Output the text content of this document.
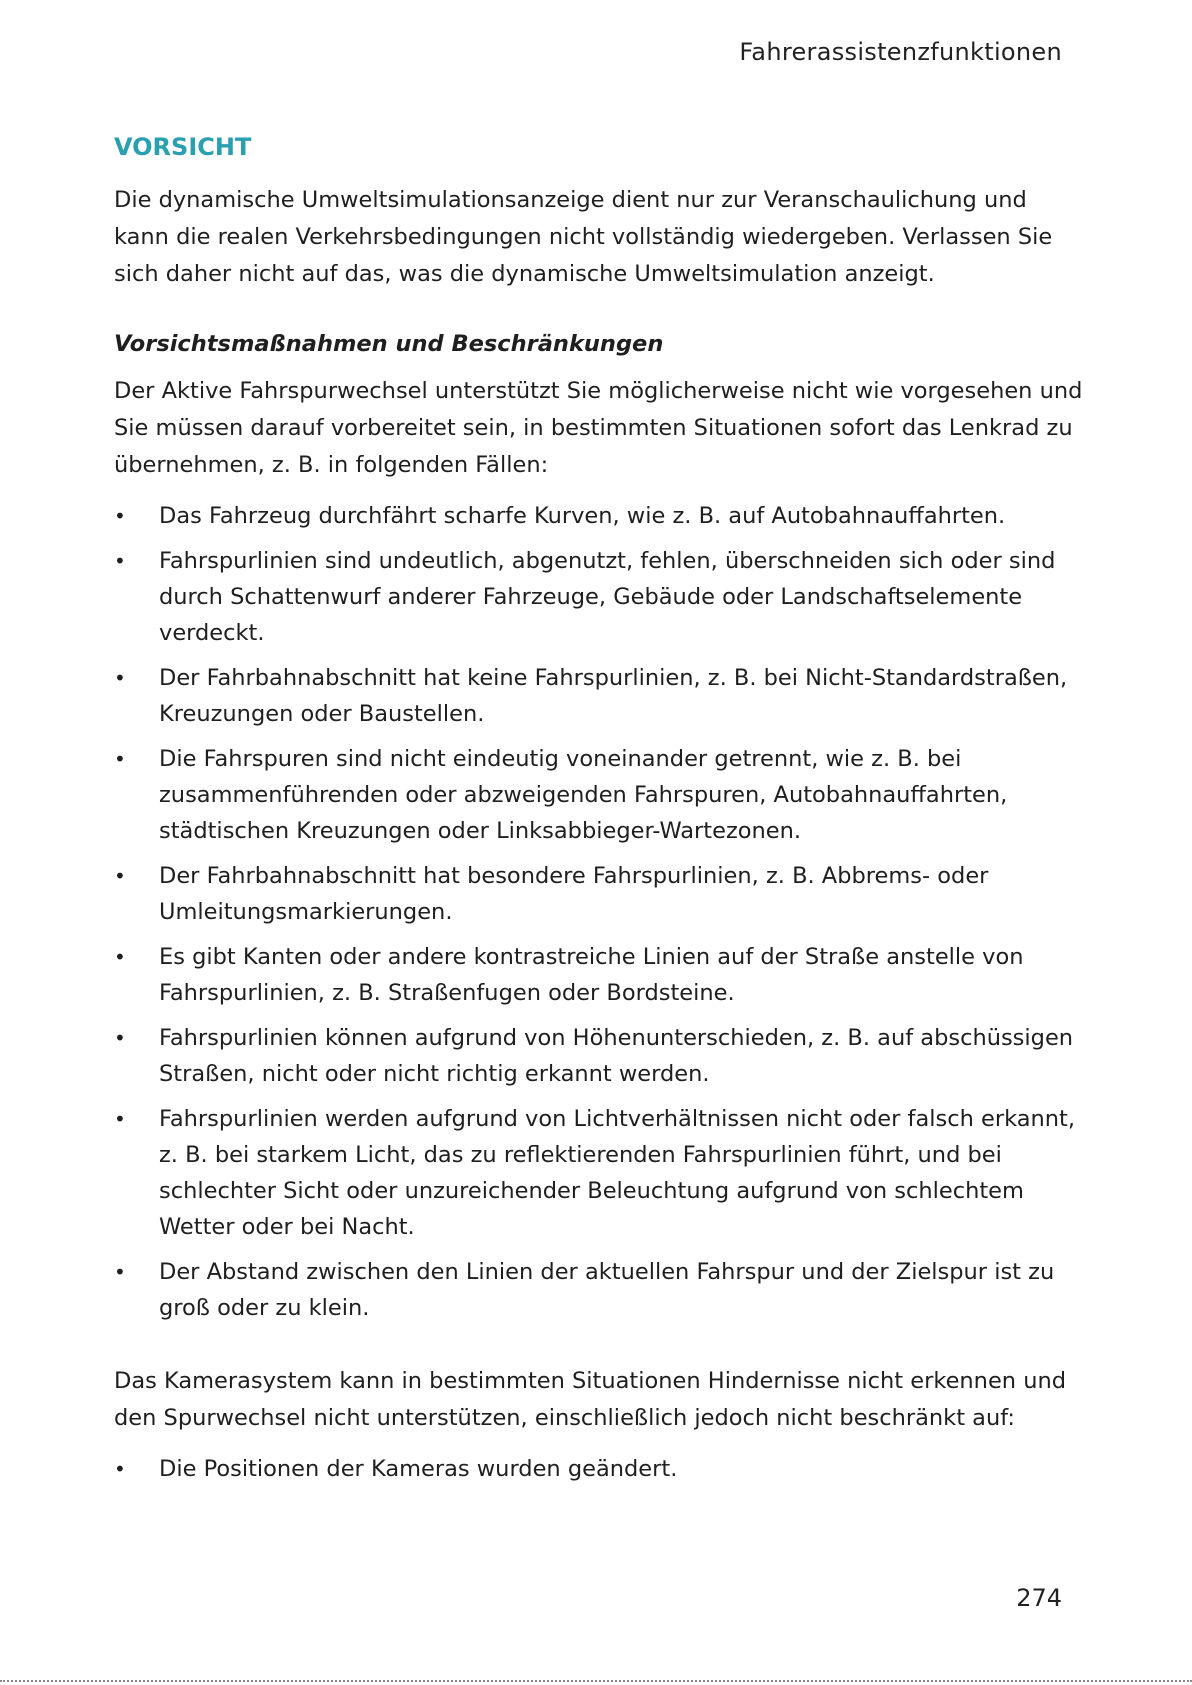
Fahrerassistenzfunktionen
VORSICHT

Die dynamische Umweltsimulationsanzeige dient nur zur Veranschaulichung und kann die realen Verkehrsbedingungen nicht vollständig wiedergeben. Verlassen Sie sich daher nicht auf das, was die dynamische Umweltsimulation anzeigt.

Vorsichtsmaßnahmen und Beschränkungen

Der Aktive Fahrspurwechsel unterstützt Sie möglicherweise nicht wie vorgesehen und Sie müssen darauf vorbereitet sein, in bestimmten Situationen sofort das Lenkrad zu übernehmen, z. B. in folgenden Fällen:

• Das Fahrzeug durchfährt scharfe Kurven, wie z. B. auf Autobahnauffahrten.
• Fahrspurlinien sind undeutlich, abgenutzt, fehlen, überschneiden sich oder sind durch Schattenwurf anderer Fahrzeuge, Gebäude oder Landschaftselemente verdeckt.
• Der Fahrbahnabschnitt hat keine Fahrspurlinien, z. B. bei Nicht-Standardstraßen, Kreuzungen oder Baustellen.
• Die Fahrspuren sind nicht eindeutig voneinander getrennt, wie z. B. bei zusammenführenden oder abzweigenden Fahrspuren, Autobahnauffahrten, städtischen Kreuzungen oder Linksabbieger-Wartezonen.
• Der Fahrbahnabschnitt hat besondere Fahrspurlinien, z. B. Abbrems- oder Umleitungsmarkierungen.
• Es gibt Kanten oder andere kontrastreiche Linien auf der Straße anstelle von Fahrspurlinien, z. B. Straßenfugen oder Bordsteine.
• Fahrspurlinien können aufgrund von Höhenunterschieden, z. B. auf abschüssigen Straßen, nicht oder nicht richtig erkannt werden.
• Fahrspurlinien werden aufgrund von Lichtverhältnissen nicht oder falsch erkannt, z. B. bei starkem Licht, das zu reflektierenden Fahrspurlinien führt, und bei schlechter Sicht oder unzureichender Beleuchtung aufgrund von schlechtem Wetter oder bei Nacht.
• Der Abstand zwischen den Linien der aktuellen Fahrspur und der Zielspur ist zu groß oder zu klein.

Das Kamerasystem kann in bestimmten Situationen Hindernisse nicht erkennen und den Spurwechsel nicht unterstützen, einschließlich jedoch nicht beschränkt auf:

• Die Positionen der Kameras wurden geändert.
274
